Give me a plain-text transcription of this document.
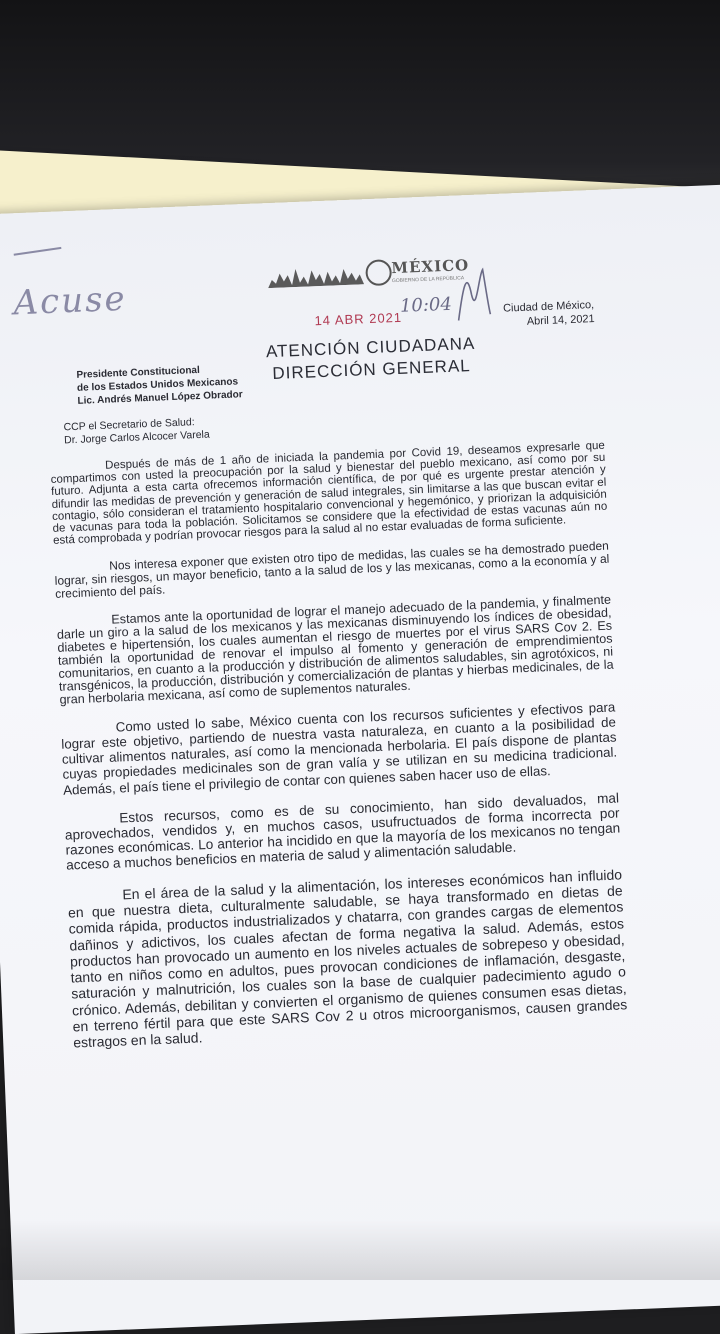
Acuse
MÉXICO
GOBIERNO DE LA REPÚBLICA
14 ABR 2021
10:04
ATENCIÓN CIUDADANA
DIRECCIÓN GENERAL
Ciudad de México,
Abril 14, 2021
Presidente Constitucional
de los Estados Unidos Mexicanos
Lic. Andrés Manuel López Obrador
CCP el Secretario de Salud:
Dr. Jorge Carlos Alcocer Varela

Después de más de 1 año de iniciada la pandemia por Covid 19, deseamos expresarle que compartimos con usted la preocupación por la salud y bienestar del pueblo mexicano, así como por su futuro. Adjunta a esta carta ofrecemos información científica, de por qué es urgente prestar atención y difundir las medidas de prevención y generación de salud integrales, sin limitarse a las que buscan evitar el contagio, sólo consideran el tratamiento hospitalario convencional y hegemónico, y priorizan la adquisición de vacunas para toda la población. Solicitamos se considere que la efectividad de estas vacunas aún no está comprobada y podrían provocar riesgos para la salud al no estar evaluadas de forma suficiente.

Nos interesa exponer que existen otro tipo de medidas, las cuales se ha demostrado pueden lograr, sin riesgos, un mayor beneficio, tanto a la salud de los y las mexicanas, como a la economía y al crecimiento del país.

Estamos ante la oportunidad de lograr el manejo adecuado de la pandemia, y finalmente darle un giro a la salud de los mexicanos y las mexicanas disminuyendo los índices de obesidad, diabetes e hipertensión, los cuales aumentan el riesgo de muertes por el virus SARS Cov 2. Es también la oportunidad de renovar el impulso al fomento y generación de emprendimientos comunitarios, en cuanto a la producción y distribución de alimentos saludables, sin agrotóxicos, ni transgénicos, la producción, distribución y comercialización de plantas y hierbas medicinales, de la gran herbolaria mexicana, así como de suplementos naturales.

Como usted lo sabe, México cuenta con los recursos suficientes y efectivos para lograr este objetivo, partiendo de nuestra vasta naturaleza, en cuanto a la posibilidad de cultivar alimentos naturales, así como la mencionada herbolaria. El país dispone de plantas cuyas propiedades medicinales son de gran valía y se utilizan en su medicina tradicional. Además, el país tiene el privilegio de contar con quienes saben hacer uso de ellas.

Estos recursos, como es de su conocimiento, han sido devaluados, mal aprovechados, vendidos y, en muchos casos, usufructuados de forma incorrecta por razones económicas. Lo anterior ha incidido en que la mayoría de los mexicanos no tengan acceso a muchos beneficios en materia de salud y alimentación saludable.

En el área de la salud y la alimentación, los intereses económicos han influido en que nuestra dieta, culturalmente saludable, se haya transformado en dietas de comida rápida, productos industrializados y chatarra, con grandes cargas de elementos dañinos y adictivos, los cuales afectan de forma negativa la salud. Además, estos productos han provocado un aumento en los niveles actuales de sobrepeso y obesidad, tanto en niños como en adultos, pues provocan condiciones de inflamación, desgaste, saturación y malnutrición, los cuales son la base de cualquier padecimiento agudo o crónico. Además, debilitan y convierten el organismo de quienes consumen esas dietas, en terreno fértil para que este SARS Cov 2 u otros microorganismos, causen grandes estragos en la salud.
